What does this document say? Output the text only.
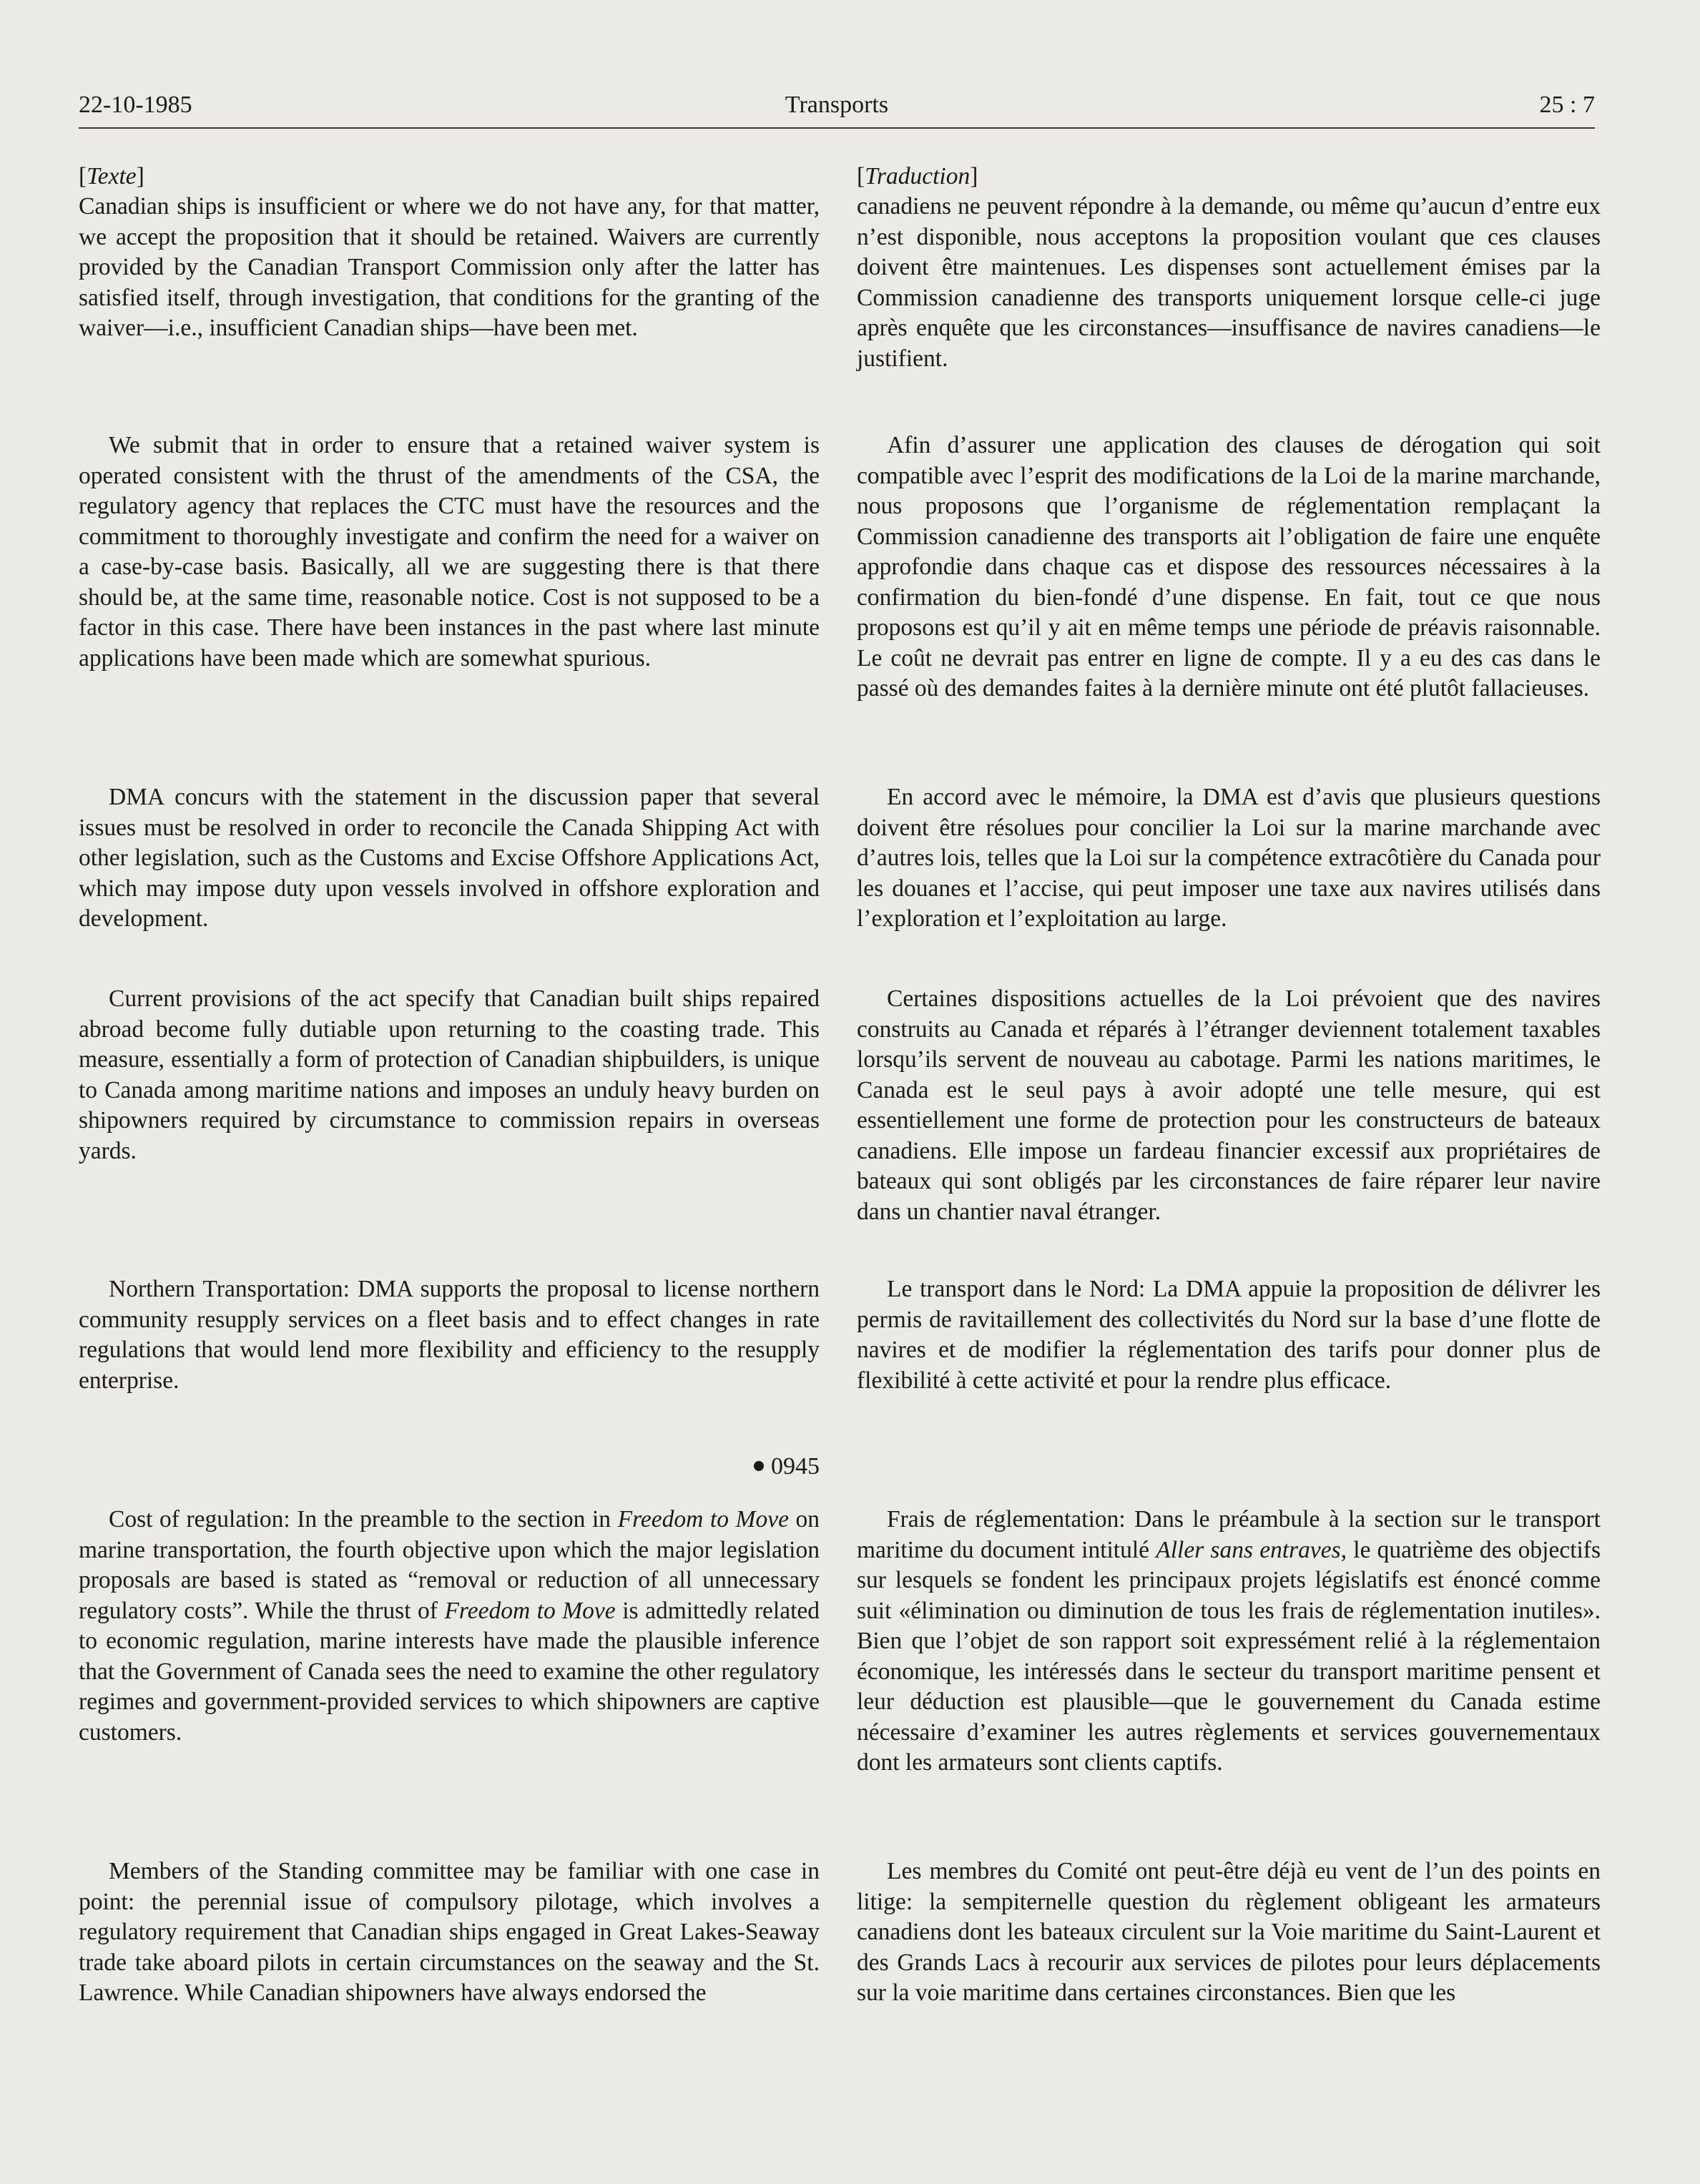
22-10-1985	Transports	25 : 7

[Texte]

Canadian ships is insufficient or where we do not have any, for that matter, we accept the proposition that it should be retained. Waivers are currently provided by the Canadian Transport Commission only after the latter has satisfied itself, through investigation, that conditions for the granting of the waiver—i.e., insufficient Canadian ships—have been met.

We submit that in order to ensure that a retained waiver system is operated consistent with the thrust of the amendments of the CSA, the regulatory agency that replaces the CTC must have the resources and the commitment to thoroughly investigate and confirm the need for a waiver on a case-by-case basis. Basically, all we are suggesting there is that there should be, at the same time, reasonable notice. Cost is not supposed to be a factor in this case. There have been instances in the past where last minute applications have been made which are somewhat spurious.

DMA concurs with the statement in the discussion paper that several issues must be resolved in order to reconcile the Canada Shipping Act with other legislation, such as the Customs and Excise Offshore Applications Act, which may impose duty upon vessels involved in offshore exploration and development.

Current provisions of the act specify that Canadian built ships repaired abroad become fully dutiable upon returning to the coasting trade. This measure, essentially a form of protection of Canadian shipbuilders, is unique to Canada among maritime nations and imposes an unduly heavy burden on shipowners required by circumstance to commission repairs in overseas yards.

Northern Transportation: DMA supports the proposal to license northern community resupply services on a fleet basis and to effect changes in rate regulations that would lend more flexibility and efficiency to the resupply enterprise.

0945

Cost of regulation: In the preamble to the section in Freedom to Move on marine transportation, the fourth objective upon which the major legislation proposals are based is stated as “removal or reduction of all unnecessary regulatory costs”. While the thrust of Freedom to Move is admittedly related to economic regulation, marine interests have made the plausible inference that the Government of Canada sees the need to examine the other regulatory regimes and government-provided services to which shipowners are captive customers.

Members of the Standing committee may be familiar with one case in point: the perennial issue of compulsory pilotage, which involves a regulatory requirement that Canadian ships engaged in Great Lakes-Seaway trade take aboard pilots in certain circumstances on the seaway and the St. Lawrence. While Canadian shipowners have always endorsed the

[Traduction]

canadiens ne peuvent répondre à la demande, ou même qu’aucun d’entre eux n’est disponible, nous acceptons la proposition voulant que ces clauses doivent être maintenues. Les dispenses sont actuellement émises par la Commission canadienne des transports uniquement lorsque celle-ci juge après enquête que les circonstances—insuffisance de navires canadiens—le justifient.

Afin d’assurer une application des clauses de dérogation qui soit compatible avec l’esprit des modifications de la Loi de la marine marchande, nous proposons que l’organisme de réglementation remplaçant la Commission canadienne des transports ait l’obligation de faire une enquête approfondie dans chaque cas et dispose des ressources nécessaires à la confirmation du bien-fondé d’une dispense. En fait, tout ce que nous proposons est qu’il y ait en même temps une période de préavis raisonnable. Le coût ne devrait pas entrer en ligne de compte. Il y a eu des cas dans le passé où des demandes faites à la dernière minute ont été plutôt fallacieuses.

En accord avec le mémoire, la DMA est d’avis que plusieurs questions doivent être résolues pour concilier la Loi sur la marine marchande avec d’autres lois, telles que la Loi sur la compétence extracôtière du Canada pour les douanes et l’accise, qui peut imposer une taxe aux navires utilisés dans l’exploration et l’exploitation au large.

Certaines dispositions actuelles de la Loi prévoient que des navires construits au Canada et réparés à l’étranger deviennent totalement taxables lorsqu’ils servent de nouveau au cabotage. Parmi les nations maritimes, le Canada est le seul pays à avoir adopté une telle mesure, qui est essentiellement une forme de protection pour les constructeurs de bateaux canadiens. Elle impose un fardeau financier excessif aux propriétaires de bateaux qui sont obligés par les circonstances de faire réparer leur navire dans un chantier naval étranger.

Le transport dans le Nord: La DMA appuie la proposition de délivrer les permis de ravitaillement des collectivités du Nord sur la base d’une flotte de navires et de modifier la réglementation des tarifs pour donner plus de flexibilité à cette activité et pour la rendre plus efficace.

Frais de réglementation: Dans le préambule à la section sur le transport maritime du document intitulé Aller sans entraves, le quatrième des objectifs sur lesquels se fondent les principaux projets législatifs est énoncé comme suit «élimination ou diminution de tous les frais de réglementation inutiles». Bien que l’objet de son rapport soit expressément relié à la réglementaion économique, les intéressés dans le secteur du transport maritime pensent et leur déduction est plausible—que le gouvernement du Canada estime nécessaire d’examiner les autres règlements et services gouvernementaux dont les armateurs sont clients captifs.

Les membres du Comité ont peut-être déjà eu vent de l’un des points en litige: la sempiternelle question du règlement obligeant les armateurs canadiens dont les bateaux circulent sur la Voie maritime du Saint-Laurent et des Grands Lacs à recourir aux services de pilotes pour leurs déplacements sur la voie maritime dans certaines circonstances. Bien que les
